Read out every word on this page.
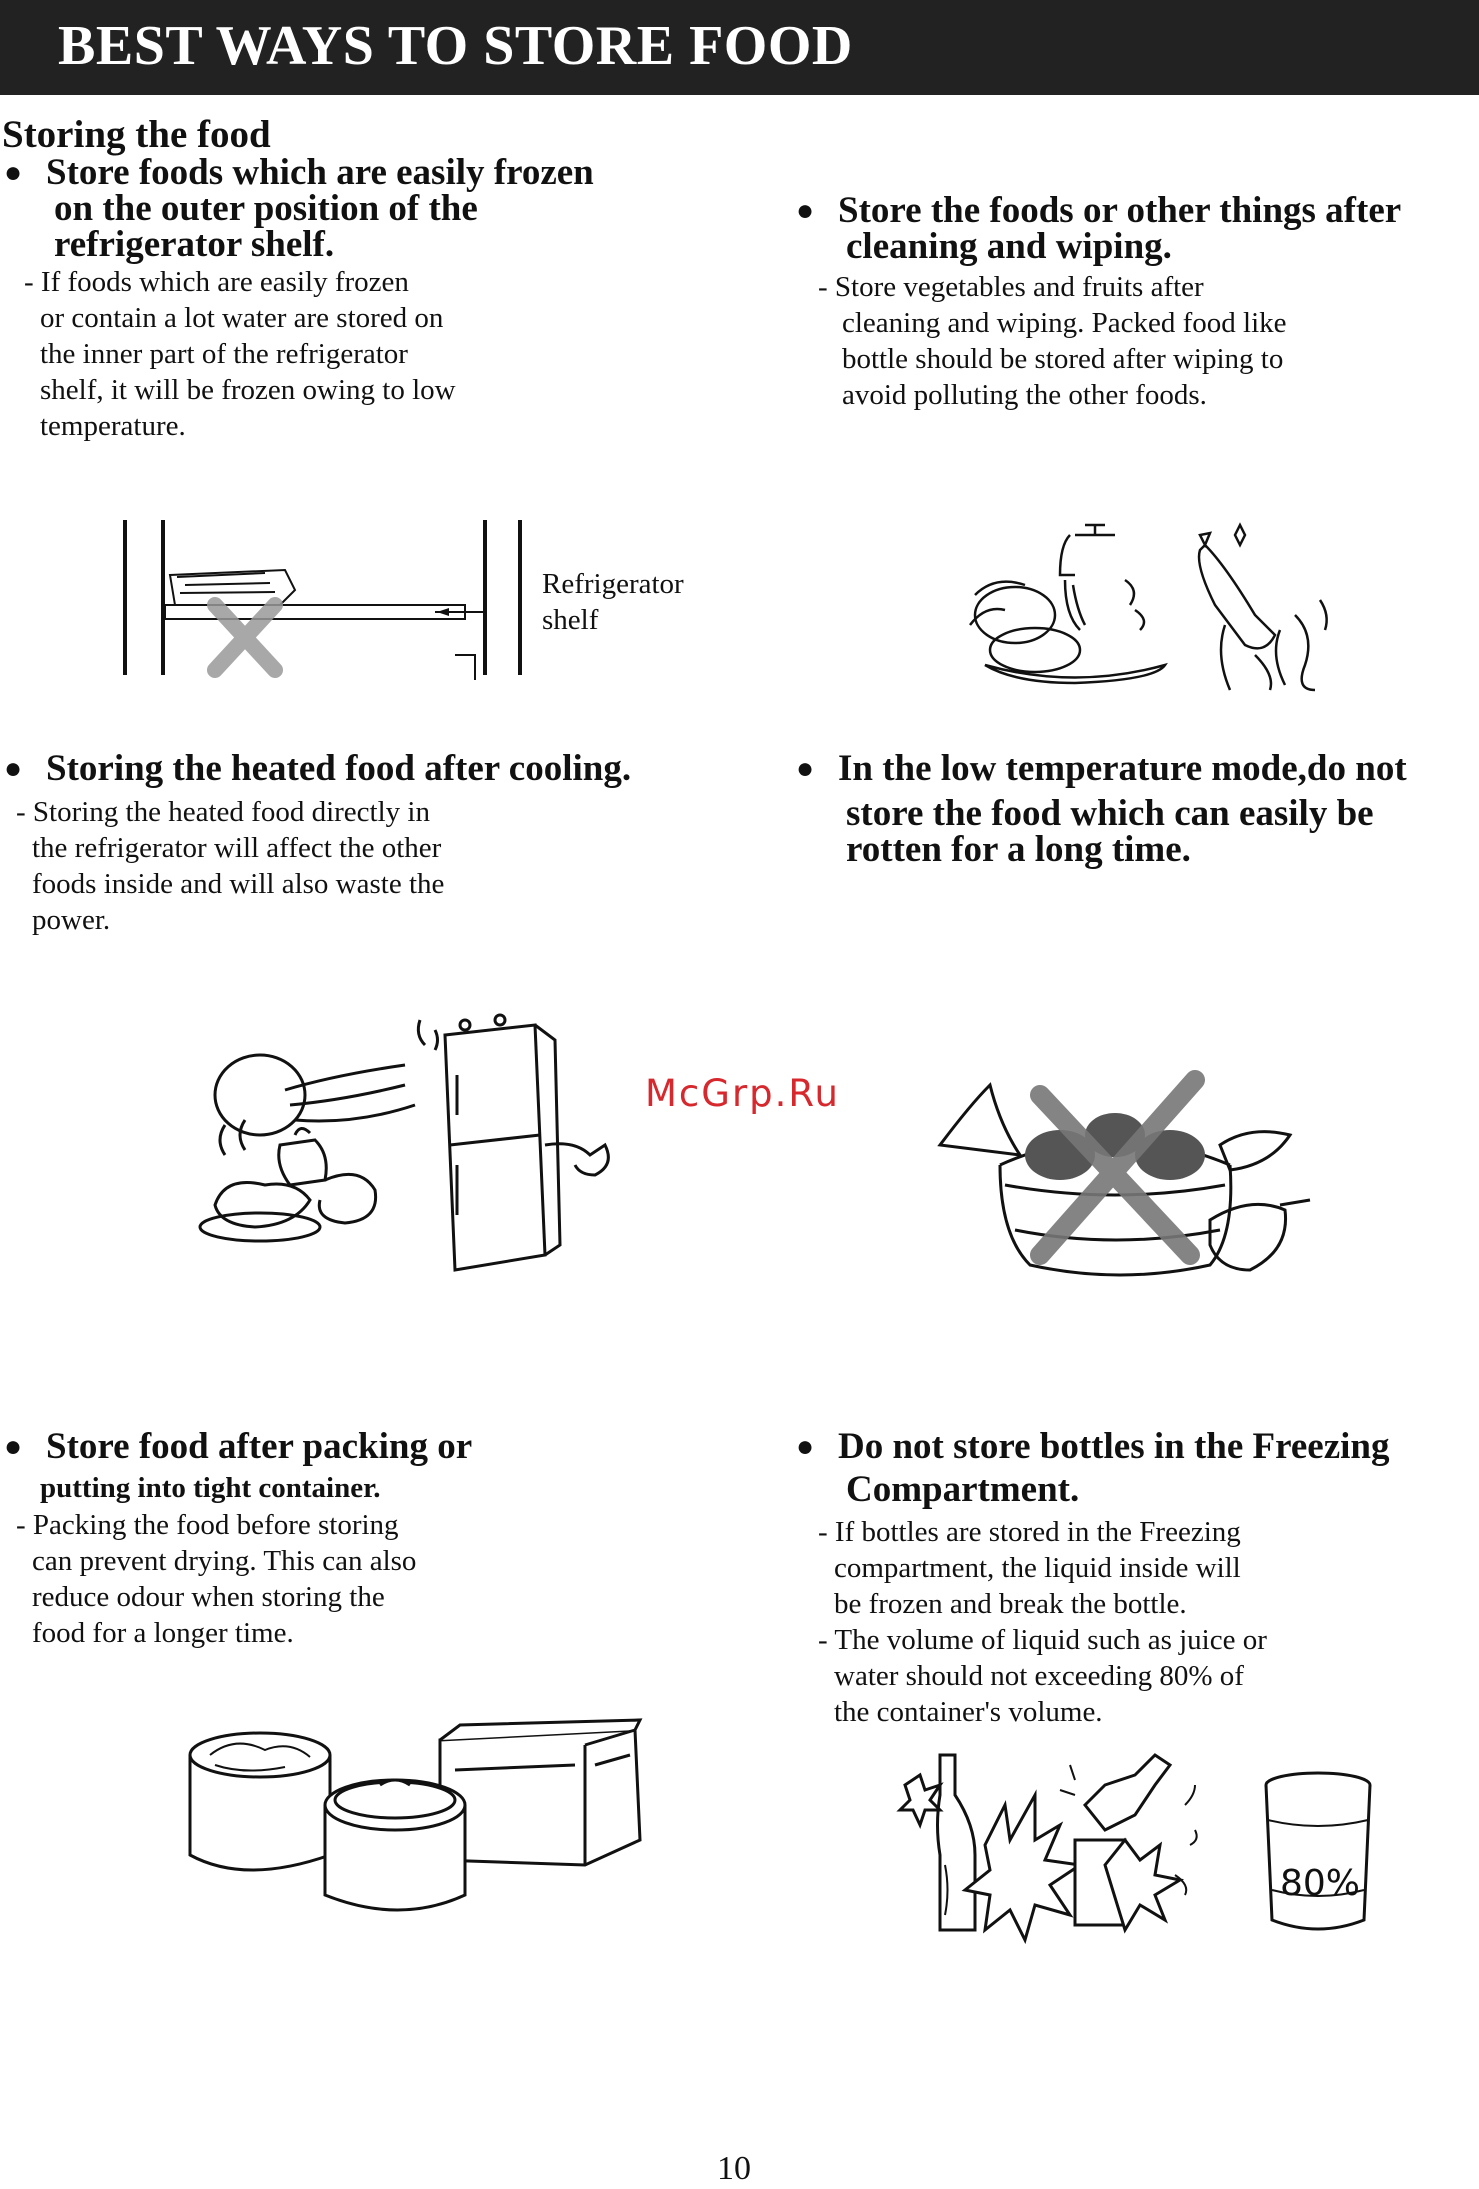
BEST WAYS TO STORE FOOD
Storing the food
● Store foods which are easily frozen
on the outer position of the
refrigerator shelf.
- If foods which are easily frozen
or contain a lot water are stored on
the inner part of the refrigerator
shelf, it will be frozen owing to low
temperature.
Refrigerator
shelf
● Store the foods or other things after
cleaning and wiping.
- Store vegetables and fruits after
cleaning and wiping. Packed food like
bottle should be stored after wiping to
avoid polluting the other foods.
● Storing the heated food after cooling.
- Storing the heated food directly in
the refrigerator will affect the other
foods inside and will also waste the
power.
● In the low temperature mode,do not
store the food which can easily be
rotten for a long time.
McGrp.Ru
● Store food after packing or
putting into tight container.
- Packing the food before storing
can prevent drying. This can also
reduce odour when storing the
food for a longer time.
● Do not store bottles in the Freezing
Compartment.
- If bottles are stored in the Freezing
compartment, the liquid inside will
be frozen and break the bottle.
- The volume of liquid such as juice or
water should not exceeding 80% of
the container's volume.
80%
10
